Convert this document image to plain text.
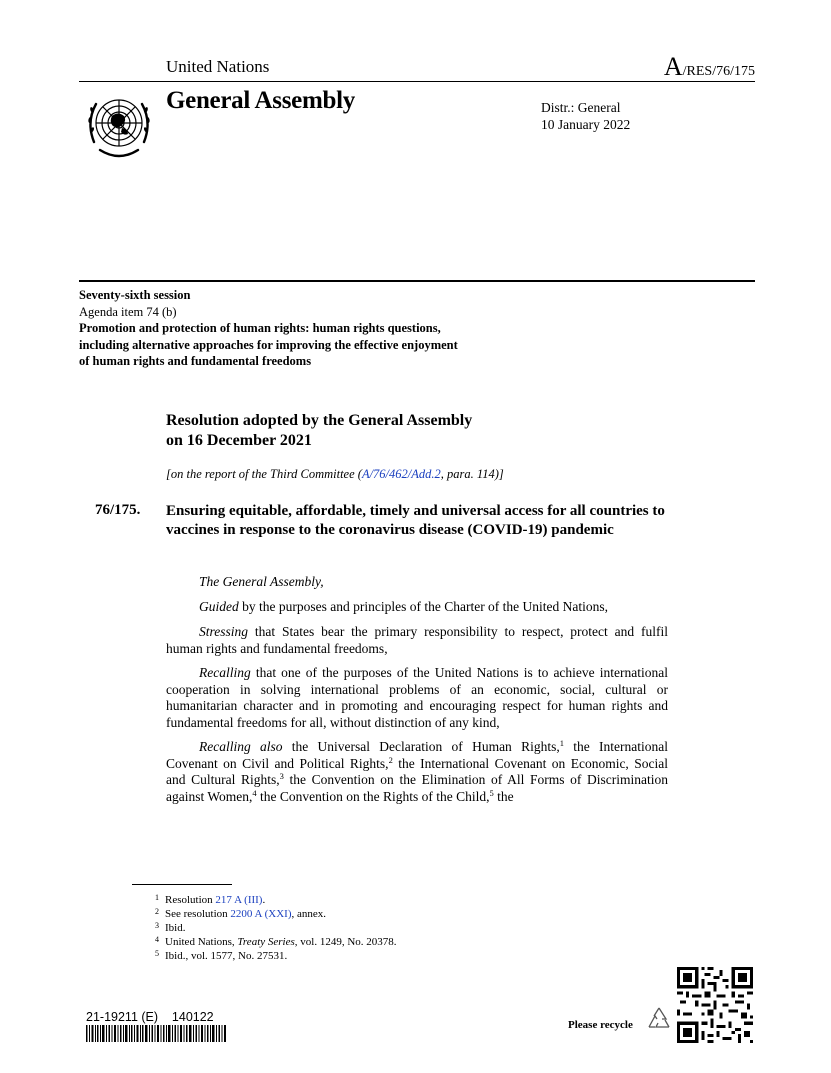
United Nations	A/RES/76/175
General Assembly	Distr.: General
10 January 2022
Seventy-sixth session
Agenda item 74 (b)
Promotion and protection of human rights: human rights questions, including alternative approaches for improving the effective enjoyment of human rights and fundamental freedoms
Resolution adopted by the General Assembly
on 16 December 2021
[on the report of the Third Committee (A/76/462/Add.2, para. 114)]
76/175. Ensuring equitable, affordable, timely and universal access for all countries to vaccines in response to the coronavirus disease (COVID-19) pandemic
The General Assembly,
Guided by the purposes and principles of the Charter of the United Nations,
Stressing that States bear the primary responsibility to respect, protect and fulfil human rights and fundamental freedoms,
Recalling that one of the purposes of the United Nations is to achieve international cooperation in solving international problems of an economic, social, cultural or humanitarian character and in promoting and encouraging respect for human rights and fundamental freedoms for all, without distinction of any kind,
Recalling also the Universal Declaration of Human Rights,$^1$ the International Covenant on Civil and Political Rights,$^2$ the International Covenant on Economic, Social and Cultural Rights,$^3$ the Convention on the Elimination of All Forms of Discrimination against Women,$^4$ the Convention on the Rights of the Child,$^5$ the
1 Resolution 217 A (III).
2 See resolution 2200 A (XXI), annex.
3 Ibid.
4 United Nations, Treaty Series, vol. 1249, No. 20378.
5 Ibid., vol. 1577, No. 27531.
21-19211 (E)    140122
Please recycle
